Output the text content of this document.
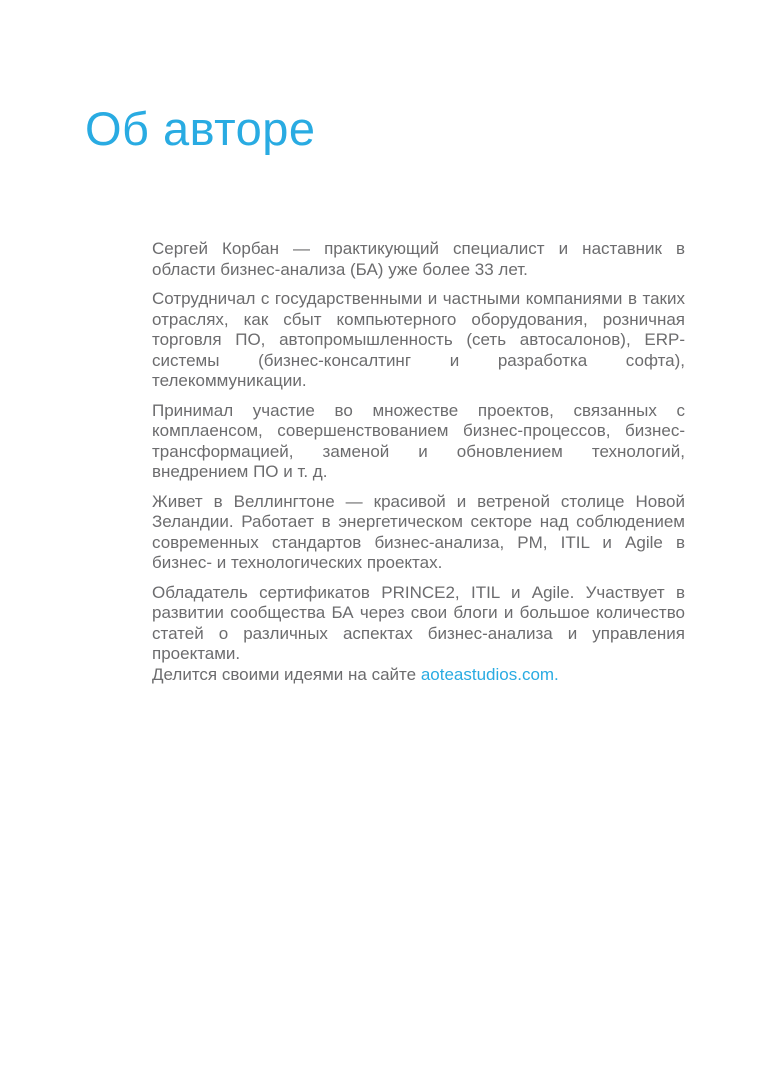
Об авторе

Сергей Корбан — практикующий специалист и наставник в области бизнес-анализа (БА) уже более 33 лет.

Сотрудничал с государственными и частными компаниями в таких отраслях, как сбыт компьютерного оборудования, розничная торговля ПО, автопромышленность (сеть автосалонов), ERP-системы (бизнес-консалтинг и разработка софта), телекоммуникации.

Принимал участие во множестве проектов, связанных с комплаенсом, совершенствованием бизнес-процессов, бизнес-трансформацией, заменой и обновлением технологий, внедрением ПО и т. д.

Живет в Веллингтоне — красивой и ветреной столице Новой Зеландии. Работает в энергетическом секторе над соблюдением современных стандартов бизнес-анализа, PM, ITIL и Agile в бизнес- и технологических проектах.

Обладатель сертификатов PRINCE2, ITIL и Agile. Участвует в развитии сообщества БА через свои блоги и большое количество статей о различных аспектах бизнес-анализа и управления проектами.

Делится своими идеями на сайте aoteastudios.com.
